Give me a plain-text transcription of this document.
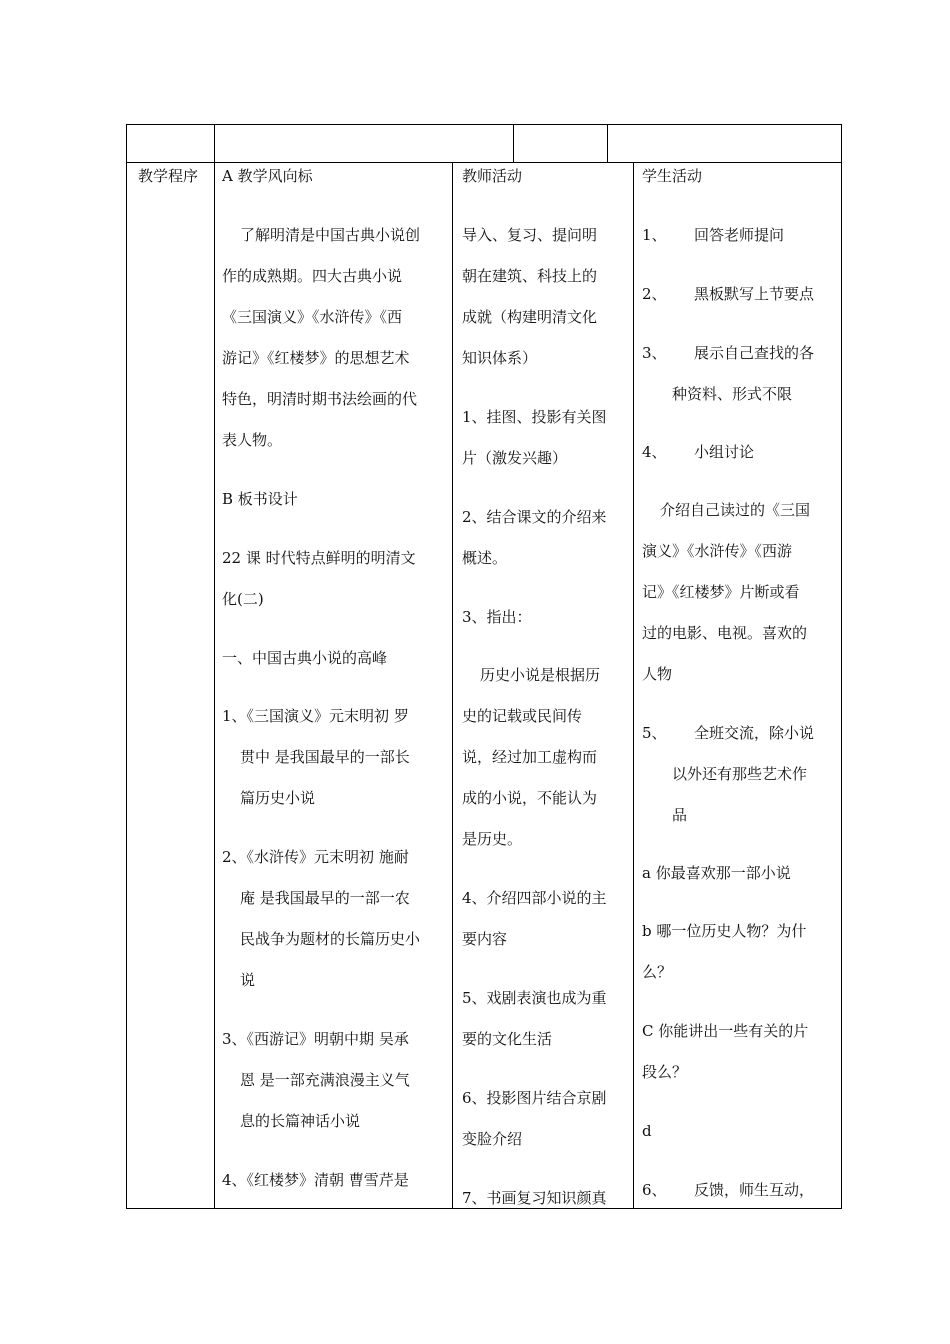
教学程序 A 教学风向标	教师活动	学生活动
了解明清是中国古典小说创
作的成熟期。四大古典小说
《三国演义》《水浒传》《西
游记》《红楼梦》的思想艺术
特色，明清时期书法绘画的代
表人物。
B 板书设计
22 课 时代特点鲜明的明清文
化(二)
一、中国古典小说的高峰
1、《三国演义》元末明初 罗
贯中 是我国最早的一部长
篇历史小说
2、《水浒传》元末明初 施耐
庵 是我国最早的一部一农
民战争为题材的长篇历史小
说
3、《西游记》明朝中期 吴承
恩 是一部充满浪漫主义气
息的长篇神话小说
4、《红楼梦》清朝 曹雪芹是
导入、复习、提问明
朝在建筑、科技上的
成就（构建明清文化
知识体系）
1、挂图、投影有关图
片（激发兴趣）
2、结合课文的介绍来
概述。
3、指出：
历史小说是根据历
史的记载或民间传
说，经过加工虚构而
成的小说，不能认为
是历史。
4、介绍四部小说的主
要内容
5、戏剧表演也成为重
要的文化生活
6、投影图片结合京剧
变脸介绍
7、书画复习知识颜真
1、 回答老师提问
2、 黑板默写上节要点
3、 展示自己查找的各
种资料、形式不限
4、 小组讨论
介绍自己读过的《三国
演义》《水浒传》《西游
记》《红楼梦》片断或看
过的电影、电视。喜欢的
人物
5、 全班交流，除小说
以外还有那些艺术作
品
a 你最喜欢那一部小说
b 哪一位历史人物？为什
么？
C 你能讲出一些有关的片
段么？
d
6、 反馈，师生互动，
